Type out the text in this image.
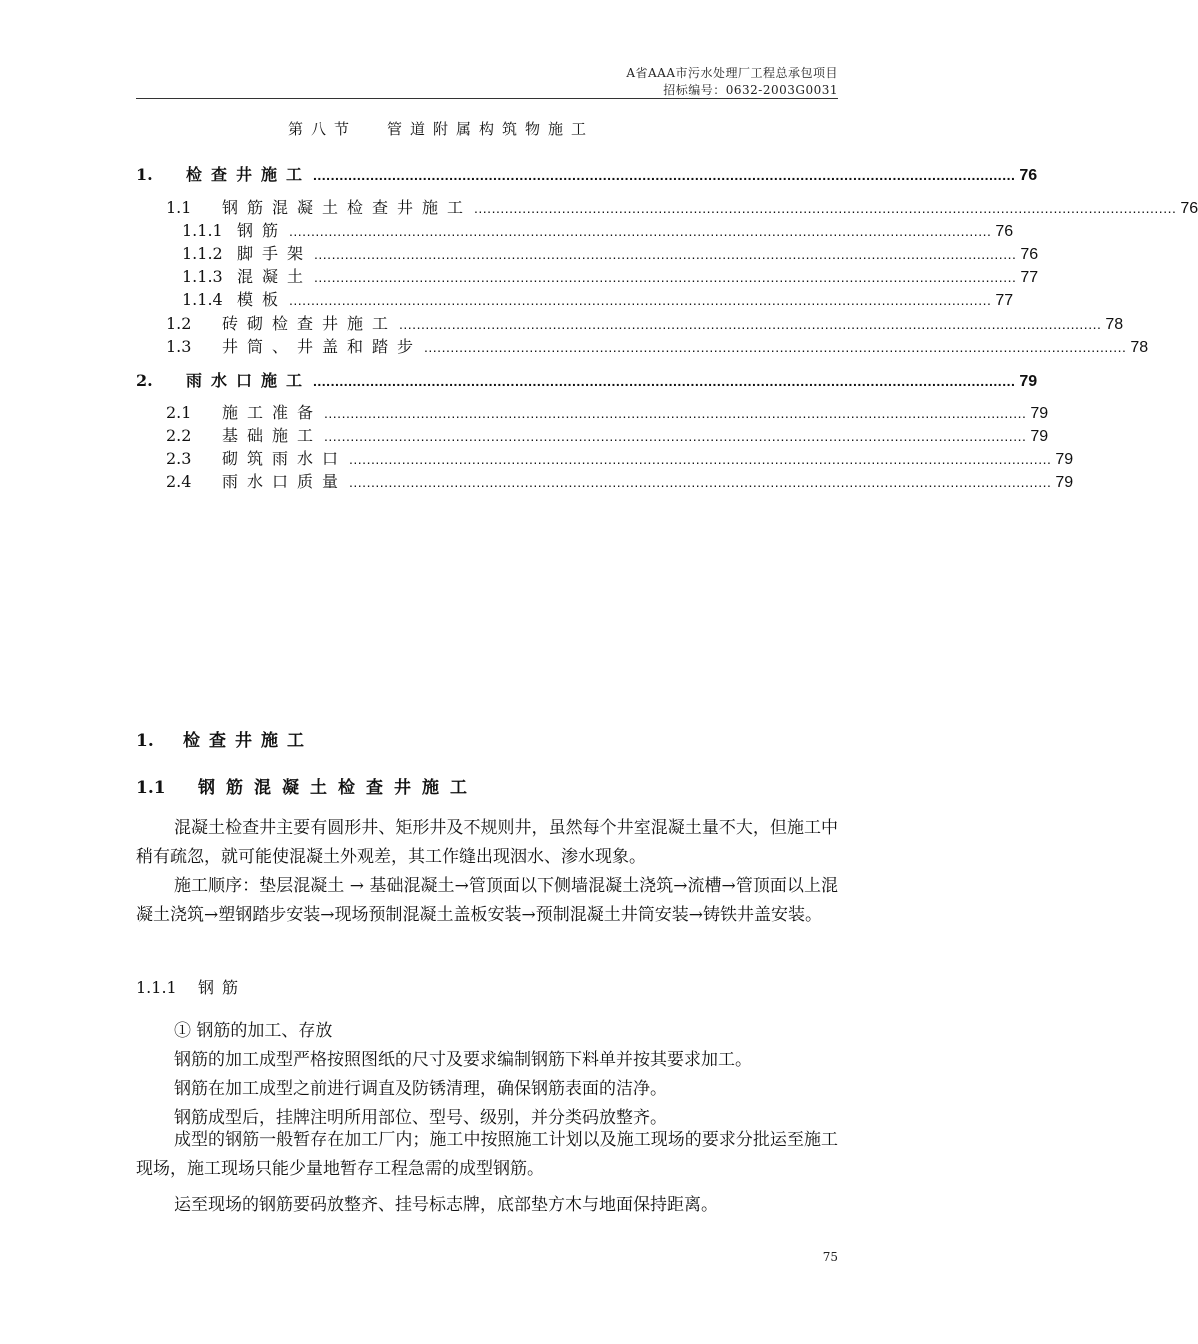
A省AAA市污水处理厂工程总承包项目
招标编号：0632-2003G0031
第八节 管道附属构筑物施工
1.	检查井施工 ................................................................................................................................................................ 76
1.1	钢筋混凝土检查井施工 ................................................................................................................................................................ 76
1.1.1 钢筋 ................................................................................................................................................................ 76
1.1.2 脚手架 ................................................................................................................................................................ 76
1.1.3 混凝土 ................................................................................................................................................................ 77
1.1.4 模板 ................................................................................................................................................................ 77
1.2	砖砌检查井施工 ................................................................................................................................................................ 78
1.3	井筒、井盖和踏步 ................................................................................................................................................................ 78
2.	雨水口施工 ................................................................................................................................................................ 79
2.1	施工准备 ................................................................................................................................................................ 79
2.2	基础施工 ................................................................................................................................................................ 79
2.3	砌筑雨水口 ................................................................................................................................................................ 79
2.4	雨水口质量 ................................................................................................................................................................ 79
1. 检查井施工
1.1 钢筋混凝土检查井施工
混凝土检查井主要有圆形井、矩形井及不规则井，虽然每个井室混凝土量不大，但施工中稍有疏忽，就可能使混凝土外观差，其工作缝出现洇水、渗水现象。
施工顺序：垫层混凝土 → 基础混凝土→管顶面以下侧墙混凝土浇筑→流槽→管顶面以上混凝土浇筑→塑钢踏步安装→现场预制混凝土盖板安装→预制混凝土井筒安装→铸铁井盖安装。
1.1.1 钢筋
① 钢筋的加工、存放
钢筋的加工成型严格按照图纸的尺寸及要求编制钢筋下料单并按其要求加工。
钢筋在加工成型之前进行调直及防锈清理，确保钢筋表面的洁净。
钢筋成型后，挂牌注明所用部位、型号、级别，并分类码放整齐。
成型的钢筋一般暂存在加工厂内；施工中按照施工计划以及施工现场的要求分批运至施工现场，施工现场只能少量地暂存工程急需的成型钢筋。
运至现场的钢筋要码放整齐、挂号标志牌，底部垫方木与地面保持距离。
75
